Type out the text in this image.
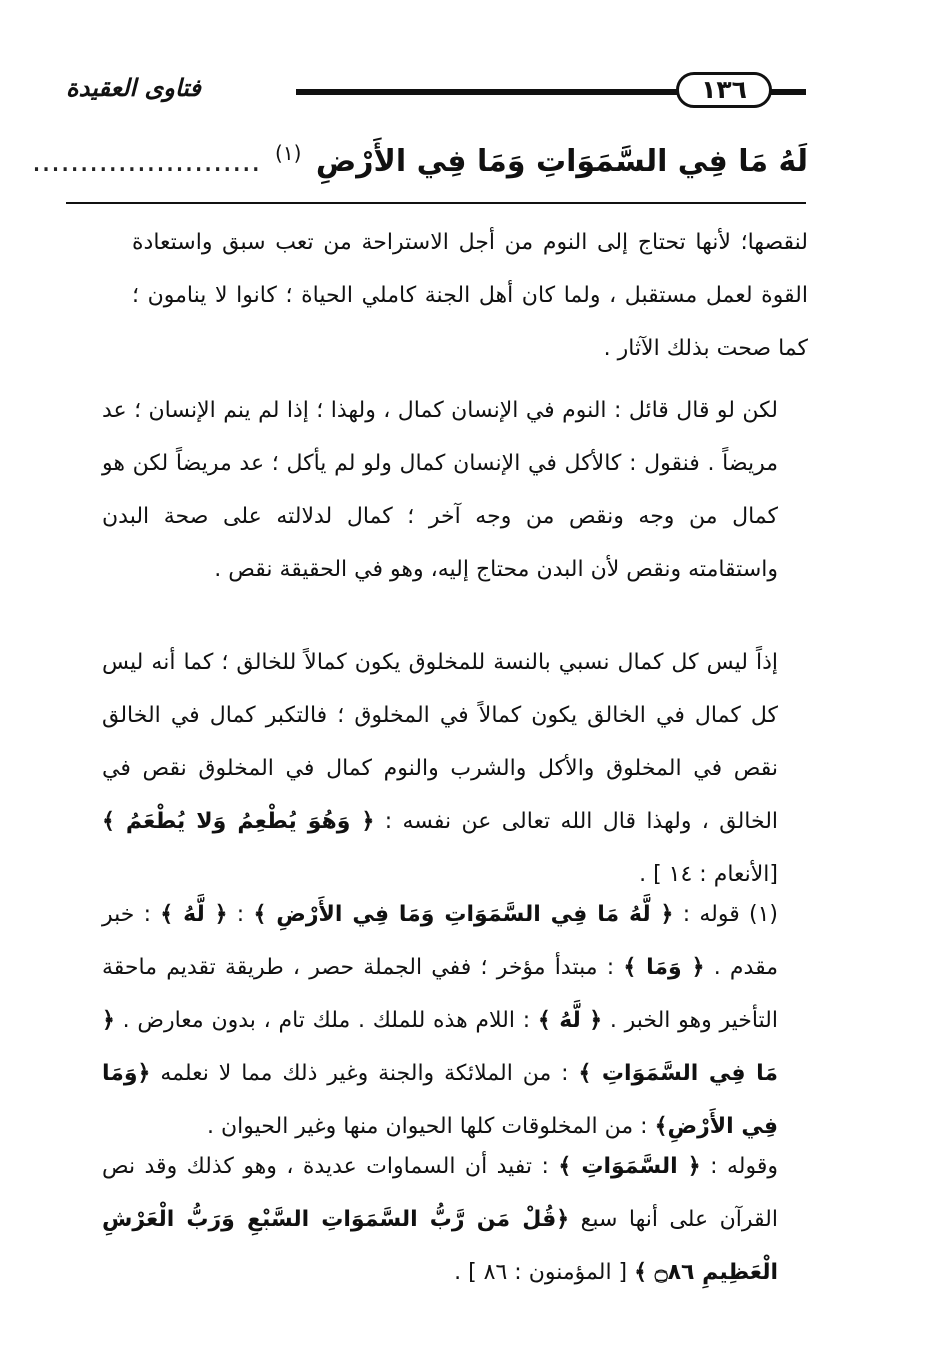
١٣٦
فتاوى العقيدة
لَهُ مَا فِي السَّمَوَاتِ وَمَا فِي الأَرْضِ $^{(١)}$ ........................
لنقصها؛ لأنها تحتاج إلى النوم من أجل الاستراحة من تعب سبق واستعادة القوة لعمل مستقبل ، ولما كان أهل الجنة كاملي الحياة ؛ كانوا لا ينامون ؛ كما صحت بذلك الآثار .
لكن لو قال قائل : النوم في الإنسان كمال ، ولهذا ؛ إذا لم ينم الإنسان ؛ عد مريضاً . فنقول : كالأكل في الإنسان كمال ولو لم يأكل ؛ عد مريضاً لكن هو كمال من وجه ونقص من وجه آخر ؛ كمال لدلالته على صحة البدن واستقامته ونقص لأن البدن محتاج إليه، وهو في الحقيقة نقص .
إذاً ليس كل كمال نسبي بالنسة للمخلوق يكون كمالاً للخالق ؛ كما أنه ليس كل كمال في الخالق يكون كمالاً في المخلوق ؛ فالتكبر كمال في الخالق نقص في المخلوق والأكل والشرب والنوم كمال في المخلوق نقص في الخالق ، ولهذا قال الله تعالى عن نفسه : ﴿ وَهُوَ يُطْعِمُ وَلا يُطْعَمُ ﴾ [الأنعام : ١٤ ] .
(١) قوله : ﴿ لَّهُ مَا فِي السَّمَوَاتِ وَمَا فِي الأَرْضِ ﴾ : ﴿ لَّهُ ﴾ : خبر مقدم . ﴿ وَمَا ﴾ : مبتدأ مؤخر ؛ ففي الجملة حصر ، طريقة تقديم ماحقة التأخير وهو الخبر . ﴿ لَّهُ ﴾ : اللام هذه للملك . ملك تام ، بدون معارض . ﴿ مَا فِي السَّمَوَاتِ ﴾ : من الملائكة والجنة وغير ذلك مما لا نعلمه ﴿وَمَا فِي الأَرْضِ﴾ : من المخلوقات كلها الحيوان منها وغير الحيوان .
وقوله : ﴿ السَّمَوَاتِ ﴾ : تفيد أن السماوات عديدة ، وهو كذلك وقد نص القرآن على أنها سبع ﴿قُلْ مَن رَّبُّ السَّمَوَاتِ السَّبْعِ وَرَبُّ الْعَرْشِ الْعَظِيمِ ۝٨٦ ﴾ [ المؤمنون : ٨٦ ] .
